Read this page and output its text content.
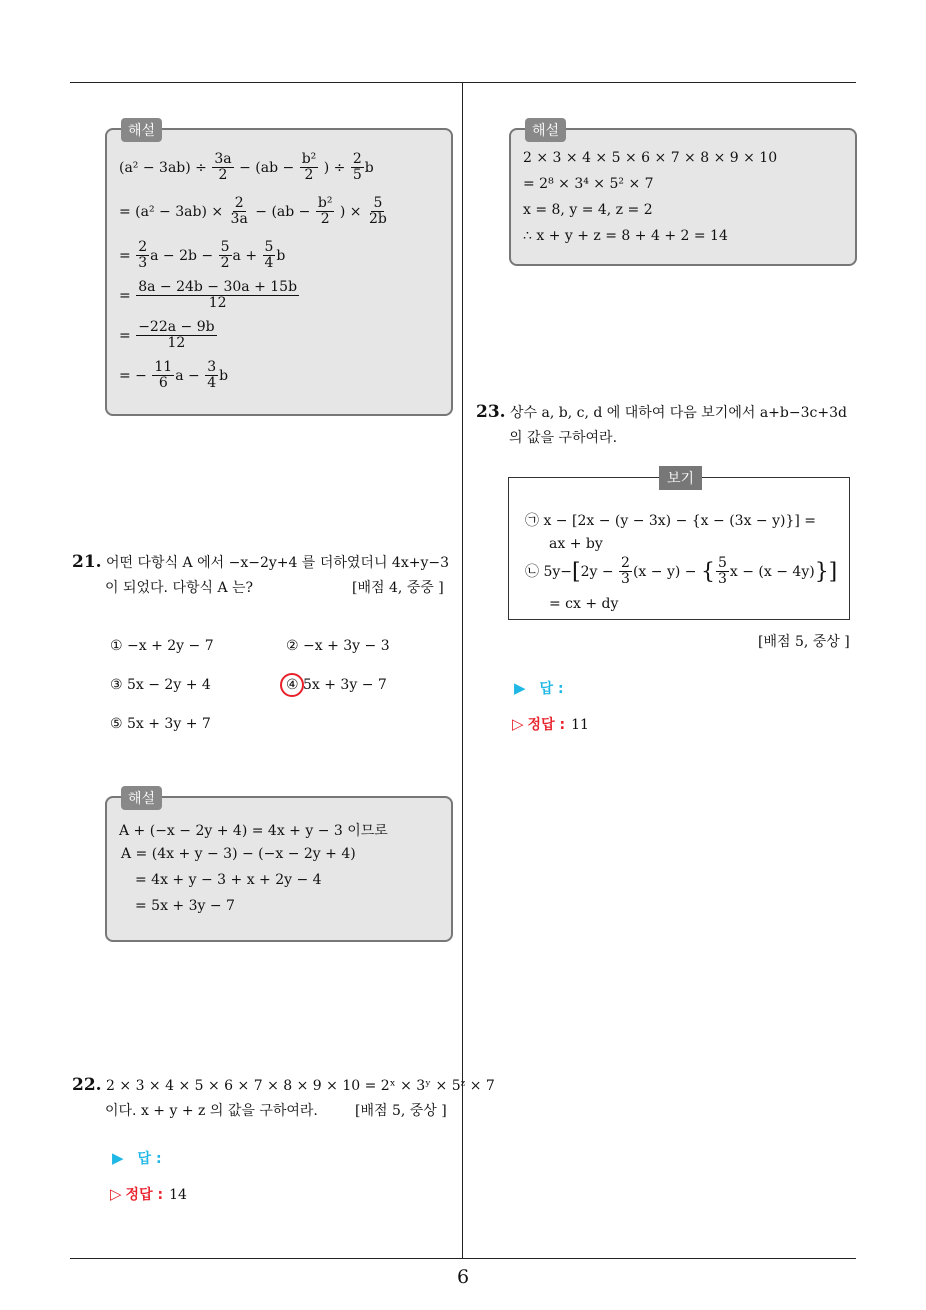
해설
$(a^2 - 3ab) \div \frac{3a}{2} - (ab - \frac{\text{b²}}{2}$ ) ÷ $\frac{2}{5}$ b
= $(a^2 - 3ab) \times \frac{2}{3a} - (ab - \frac{\text{b²}}{2}$ ) × $\frac{5}{2b}$
= $\frac{2}{3}$ $a - 2b - \frac{5}{2}$ $a + \frac{5}{4}$ b
= $\frac{8a - 24b - 30a + 15b}{12}$
= $\frac{-22a - 9b}{12}$
= − $\frac{11}{6}$ $a - \frac{3}{4}$ b
21. 어떤 다항식 A 에서 −x−2y+4 를 더하였더니 4x+y−3
이 되었다. 다항식 A 는?	[배점 4, 중중 ]
① −x + 2y − 7	② −x + 3y − 3
③ 5x − 2y + 4	④ 5x + 3y − 7
⑤ 5x + 3y + 7
해설
A + (−x − 2y + 4) = 4x + y − 3 이므로
A = (4x + y − 3) − (−x − 2y + 4)
= 4x + y − 3 + x + 2y − 4
= 5x + 3y − 7
22. 2 × 3 × 4 × 5 × 6 × 7 × 8 × 9 × 10 = 2ˣ × 3ʸ × 5ᶻ × 7
이다. x + y + z 의 값을 구하여라.	[배점 5, 중상 ]
▶ 답 :
▷ 정답 : 14
해설
2 × 3 × 4 × 5 × 6 × 7 × 8 × 9 × 10
= 2⁸ × 3⁴ × 5² × 7
x = 8, y = 4, z = 2
∴ x + y + z = 8 + 4 + 2 = 14
23. 상수 a, b, c, d 에 대하여 다음 보기에서 a+b−3c+3d
의 값을 구하여라.
보기
㉠ x − [2x − (y − 3x) − {x − (3x − y)}] =
ax + by
㉡ $5y-[2y - \frac{2}{3} (x - y)$ − { $\frac{5}{3}$ x − (x − 4y)}]
= cx + dy
[배점 5, 중상 ]
▶ 답 :
▷ 정답 : 11
6
